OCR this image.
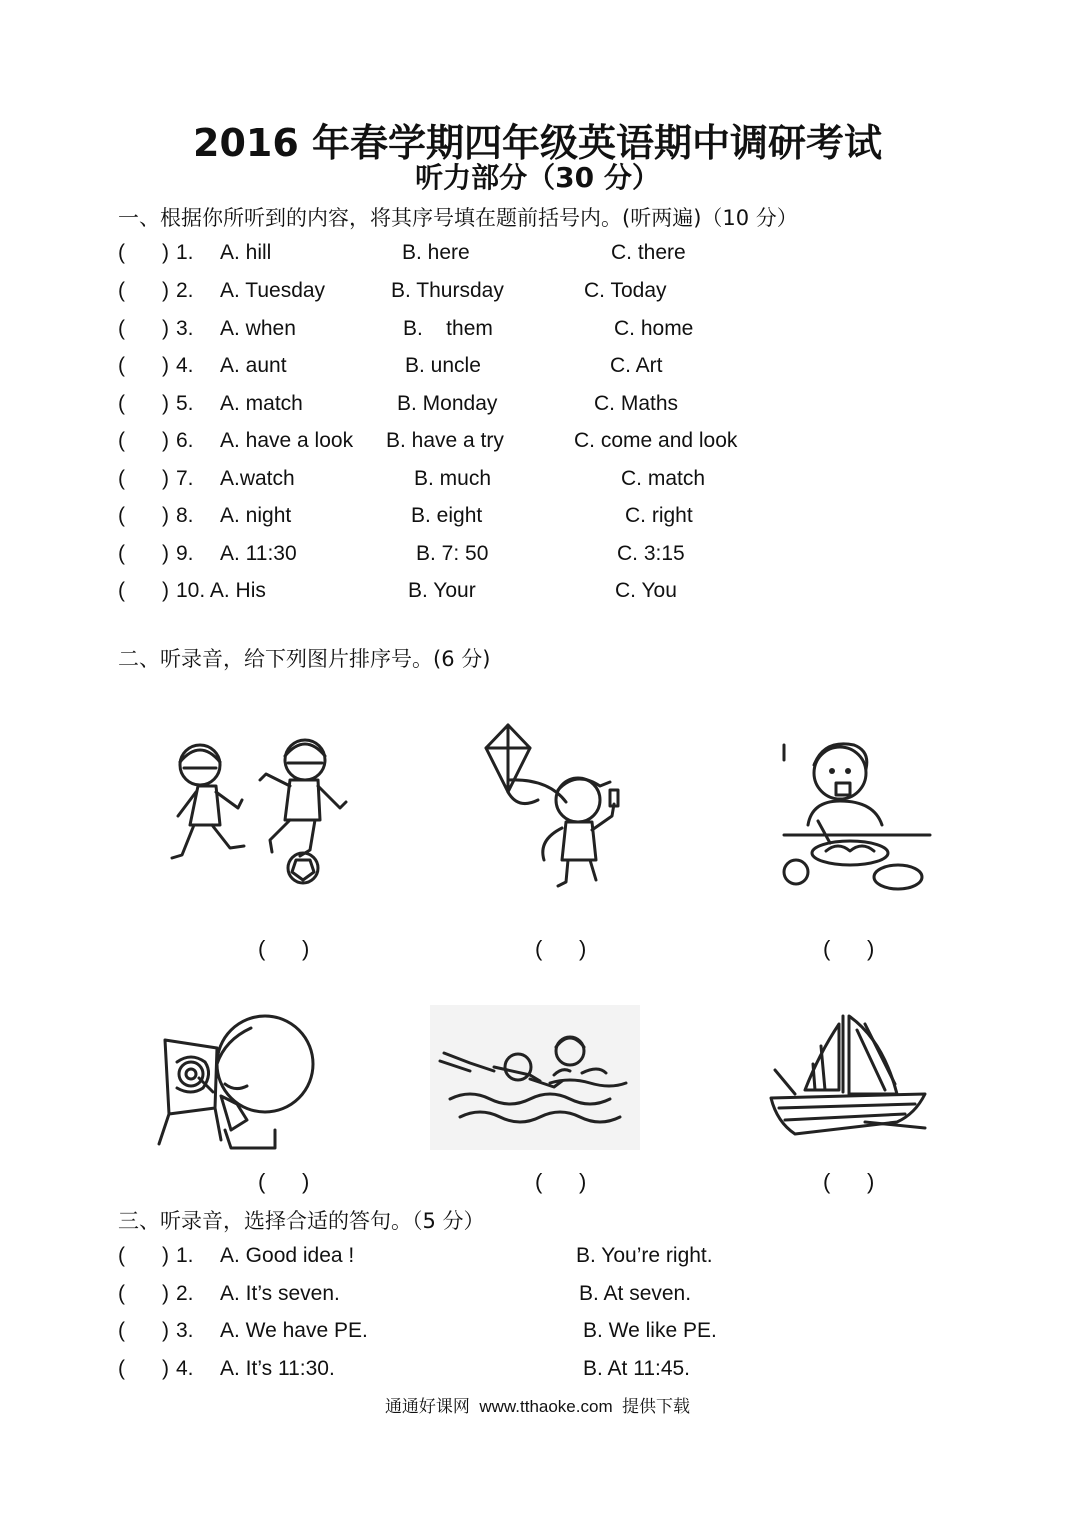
2016 年春学期四年级英语期中调研考试
听力部分（30 分）
一、根据你所听到的内容，将其序号填在题前括号内。(听两遍)（10 分）
( ) 1. A. hill	B. here	C. there
( ) 2. A. Tuesday	B. Thursday	C. Today
( ) 3. A. when	B.    them	C. home
( ) 4. A. aunt	B. uncle	C. Art
( ) 5. A. match	B. Monday	C. Maths
( ) 6. A. have a look B. have a try	C. come and look
( ) 7. A.watch	B. much	C. match
( ) 8. A. night	B. eight	C. right
( ) 9. A. 11:30	B. 7: 50	C. 3:15
( ) 10. A. His	B. Your	C. You
二、听录音，给下列图片排序号。(6 分)
(      )	(      )	(      )
(      )	(      )	(      )
三、听录音，选择合适的答句。（5 分）
( ) 1. A. Good idea !	B. You’re right.
( ) 2. A. It’s seven.	B. At seven.
( ) 3. A. We have PE.	B. We like PE.
( ) 4. A. It’s 11:30.	B. At 11:45.
通通好课网  www.tthaoke.com  提供下载
